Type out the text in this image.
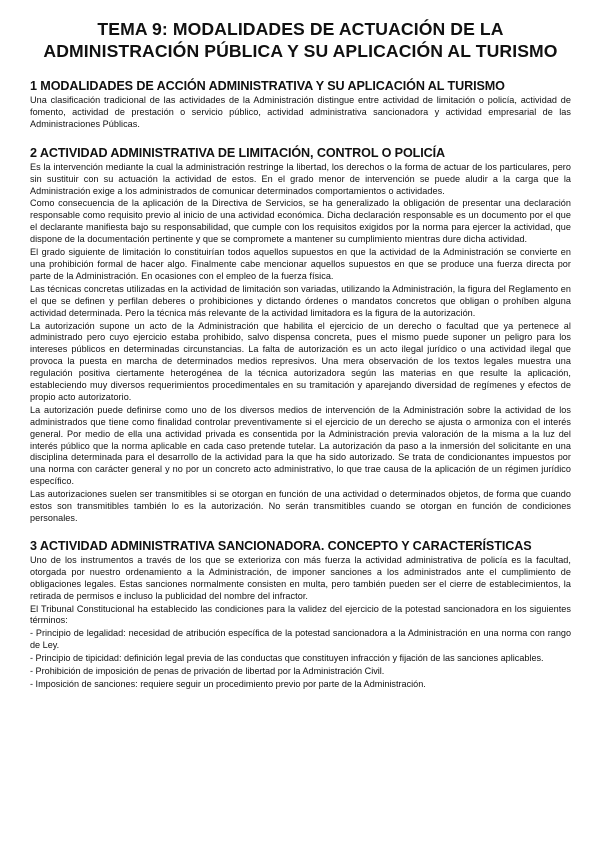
TEMA 9: MODALIDADES DE ACTUACIÓN DE LA ADMINISTRACIÓN PÚBLICA Y SU APLICACIÓN AL TURISMO
1 MODALIDADES DE ACCIÓN ADMINISTRATIVA Y SU APLICACIÓN AL TURISMO

Una clasificación tradicional de las actividades de la Administración distingue entre actividad de limitación o policía, actividad de fomento, actividad de prestación o servicio público, actividad administrativa sancionadora y actividad empresarial de las Administraciones Públicas.

2 ACTIVIDAD ADMINISTRATIVA DE LIMITACIÓN, CONTROL O POLICÍA

Es la intervención mediante la cual la administración restringe la libertad, los derechos o la forma de actuar de los particulares, pero sin sustituir con su actuación la actividad de estos. En el grado menor de intervención se puede aludir a la carga que la Administración exige a los administrados de comunicar determinados comportamientos o actividades.

Como consecuencia de la aplicación de la Directiva de Servicios, se ha generalizado la obligación de presentar una declaración responsable como requisito previo al inicio de una actividad económica. Dicha declaración responsable es un documento por el que el declarante manifiesta bajo su responsabilidad, que cumple con los requisitos exigidos por la norma para ejercer la actividad, que dispone de la documentación pertinente y que se compromete a mantener su cumplimiento mientras dure dicha actividad.

El grado siguiente de limitación lo constituirían todos aquellos supuestos en que la actividad de la Administración se convierte en una prohibición formal de hacer algo. Finalmente cabe mencionar aquellos supuestos en que se produce una fuerza directa por parte de la Administración. En ocasiones con el empleo de la fuerza física.

Las técnicas concretas utilizadas en la actividad de limitación son variadas, utilizando la Administración, la figura del Reglamento en el que se definen y perfilan deberes o prohibiciones y dictando órdenes o mandatos concretos que obligan o prohíben alguna actividad determinada. Pero la técnica más relevante de la actividad limitadora es la figura de la autorización.

La autorización supone un acto de la Administración que habilita el ejercicio de un derecho o facultad que ya pertenece al administrado pero cuyo ejercicio estaba prohibido, salvo dispensa concreta, pues el mismo puede suponer un peligro para los intereses públicos en determinadas circunstancias. La falta de autorización es un acto ilegal jurídico o una actividad ilegal que provoca la puesta en marcha de determinados medios represivos. Una mera observación de los textos legales muestra una regulación positiva ciertamente heterogénea de la técnica autorizadora según las materias en que resulte la aplicación, estableciendo muy diversos requerimientos procedimentales en su tramitación y aparejando diversidad de regímenes y efectos de propio acto autorizatorio.

La autorización puede definirse como uno de los diversos medios de intervención de la Administración sobre la actividad de los administrados que tiene como finalidad controlar preventivamente si el ejercicio de un derecho se ajusta o armoniza con el interés general. Por medio de ella una actividad privada es consentida por la Administración previa valoración de la misma a la luz del interés público que la norma aplicable en cada caso pretende tutelar. La autorización da paso a la inmersión del solicitante en una disciplina determinada para el desarrollo de la actividad para la que ha sido autorizado. Se trata de condicionantes impuestos por una norma con carácter general y no por un concreto acto administrativo, lo que trae causa de la aplicación de un régimen jurídico específico.

Las autorizaciones suelen ser transmitibles si se otorgan en función de una actividad o determinados objetos, de forma que cuando estos son transmitibles también lo es la autorización. No serán transmitibles cuando se otorgan en función de condiciones personales.

3 ACTIVIDAD ADMINISTRATIVA SANCIONADORA. CONCEPTO Y CARACTERÍSTICAS

Uno de los instrumentos a través de los que se exterioriza con más fuerza la actividad administrativa de policía es la facultad, otorgada por nuestro ordenamiento a la Administración, de imponer sanciones a los administrados ante el cumplimiento de obligaciones legales. Estas sanciones normalmente consisten en multa, pero también pueden ser el cierre de establecimientos, la retirada de permisos e incluso la publicidad del nombre del infractor.

El Tribunal Constitucional ha establecido las condiciones para la validez del ejercicio de la potestad sancionadora en los siguientes términos:

- Principio de legalidad: necesidad de atribución específica de la potestad sancionadora a la Administración en una norma con rango de Ley.
- Principio de tipicidad: definición legal previa de las conductas que constituyen infracción y fijación de las sanciones aplicables.
- Prohibición de imposición de penas de privación de libertad por la Administración Civil.
- Imposición de sanciones: requiere seguir un procedimiento previo por parte de la Administración.
